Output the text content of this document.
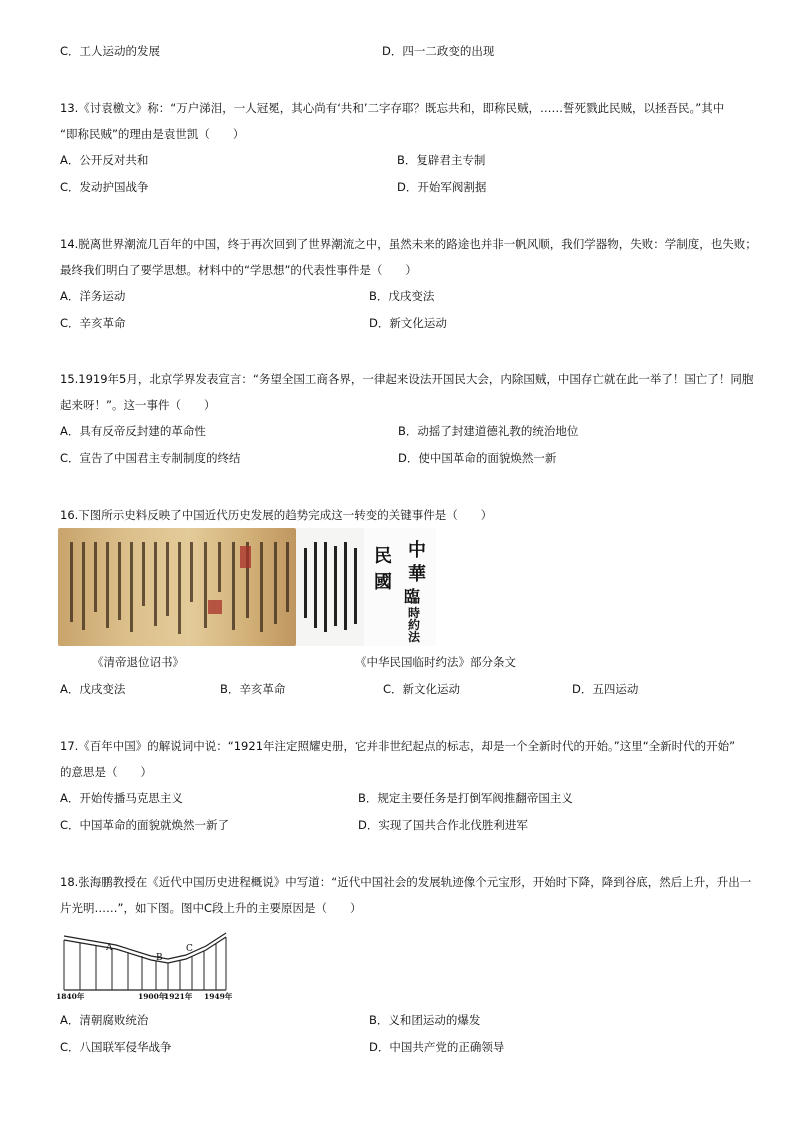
C．工人运动的发展	D．四一二政变的出现
13.《讨袁檄文》称：“万户涕泪，一人冠冕，其心尚有‘共和’二字存耶？既忘共和，即称民贼，……誓死戮此民贼，以拯吾民。”其中
“即称民贼”的理由是袁世凯（　　）
A．公开反对共和	B．复辟君主专制
C．发动护国战争	D．开始军阀割据
14.脱离世界潮流几百年的中国，终于再次回到了世界潮流之中，虽然未来的路途也并非一帆风顺，我们学器物，失败：学制度，也失败；
最终我们明白了要学思想。材料中的“学思想”的代表性事件是（　　）
A．洋务运动	B．戊戌变法
C．辛亥革命	D．新文化运动
15.1919年5月，北京学界发表宣言：“务望全国工商各界，一律起来设法开国民大会，内除国贼，中国存亡就在此一举了！国亡了！同胞
起来呀！”。这一事件（　　）
A．具有反帝反封建的革命性	B．动摇了封建道德礼教的统治地位
C．宣告了中国君主专制制度的终结	D．使中国革命的面貌焕然一新
16.下图所示史料反映了中国近代历史发展的趋势完成这一转变的关键事件是（　　）
中
華
民
國
臨
時
約
法
《清帝退位诏书》	《中华民国临时约法》部分条文
A．戊戌变法	B．辛亥革命	C．新文化运动	D．五四运动
17.《百年中国》的解说词中说：“1921年注定照耀史册，它并非世纪起点的标志，却是一个全新时代的开始。”这里“全新时代的开始”
的意思是（　　）
A．开始传播马克思主义	B．规定主要任务是打倒军阀推翻帝国主义
C．中国革命的面貌就焕然一新了	D．实现了国共合作北伐胜利进军
18.张海鹏教授在《近代中国历史进程概说》中写道：“近代中国社会的发展轨迹像个元宝形，开始时下降，降到谷底，然后上升，升出一
片光明……”，如下图。图中C段上升的主要原因是（　　）
A
B
C
1840年	1900年
1921年 1949年
A．清朝腐败统治	B．义和团运动的爆发
C．八国联军侵华战争	D．中国共产党的正确领导
